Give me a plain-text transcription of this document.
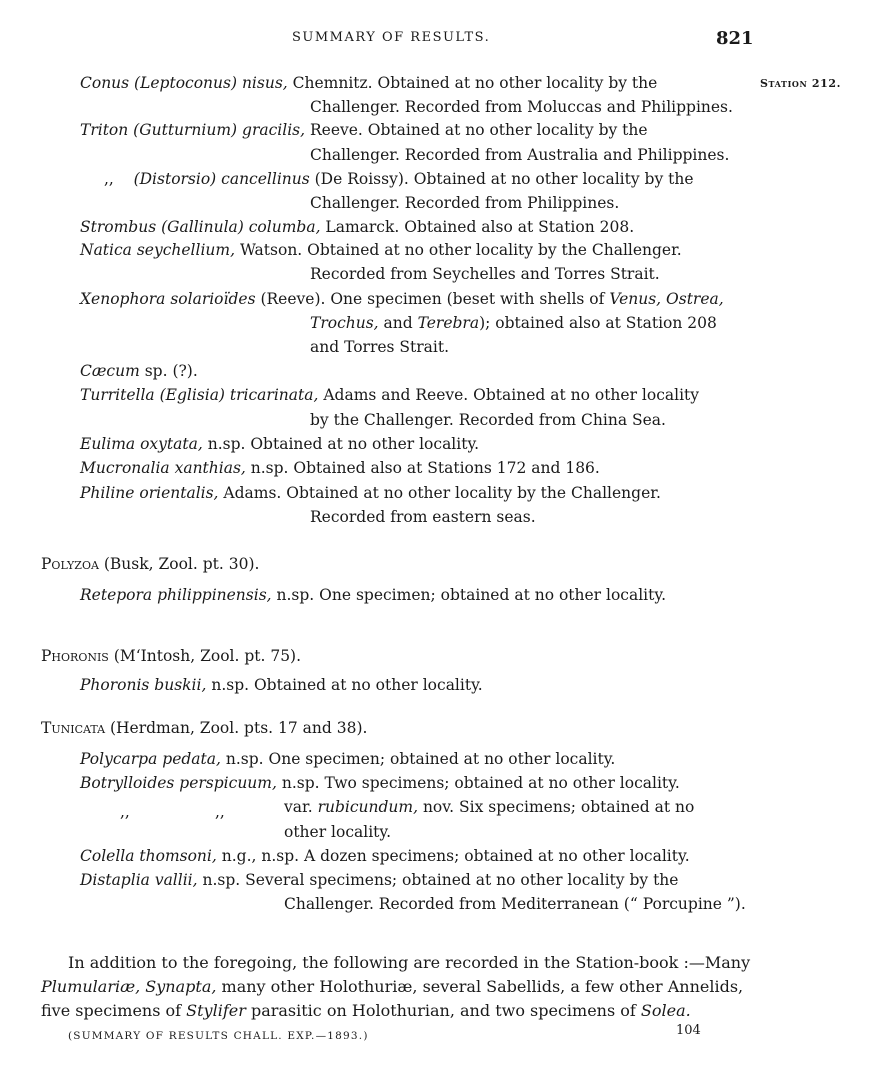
SUMMARY OF RESULTS.	821
Station 212.
Conus (Leptoconus) nisus, Chemnitz. Obtained at no other locality by the
Challenger. Recorded from Moluccas and Philippines.
Triton (Gutturnium) gracilis, Reeve. Obtained at no other locality by the
Challenger. Recorded from Australia and Philippines.
,, (Distorsio) cancellinus (De Roissy). Obtained at no other locality by the
Challenger. Recorded from Philippines.
Strombus (Gallinula) columba, Lamarck. Obtained also at Station 208.
Natica seychellium, Watson. Obtained at no other locality by the Challenger.
Recorded from Seychelles and Torres Strait.
Xenophora solarioïdes (Reeve). One specimen (beset with shells of Venus, Ostrea,
Trochus, and Terebra); obtained also at Station 208
and Torres Strait.
Cæcum sp. (?).
Turritella (Eglisia) tricarinata, Adams and Reeve. Obtained at no other locality
by the Challenger. Recorded from China Sea.
Eulima oxytata, n.sp. Obtained at no other locality.
Mucronalia xanthias, n.sp. Obtained also at Stations 172 and 186.
Philine orientalis, Adams. Obtained at no other locality by the Challenger.
Recorded from eastern seas.
Polyzoa (Busk, Zool. pt. 30).
Retepora philippinensis, n.sp. One specimen; obtained at no other locality.
Phoronis (M‘Intosh, Zool. pt. 75).
Phoronis buskii, n.sp. Obtained at no other locality.
Tunicata (Herdman, Zool. pts. 17 and 38).
Polycarpa pedata, n.sp. One specimen; obtained at no other locality.
Botrylloides perspicuum, n.sp. Two specimens; obtained at no other locality.
,,	,,	var. rubicundum, nov. Six specimens; obtained at no
other locality.
Colella thomsoni, n.g., n.sp. A dozen specimens; obtained at no other locality.
Distaplia vallii, n.sp. Several specimens; obtained at no other locality by the
Challenger. Recorded from Mediterranean (“ Porcupine ”).
In addition to the foregoing, the following are recorded in the Station-book :—Many
Plumulariæ, Synapta, many other Holothuriæ, several Sabellids, a few other Annelids,
five specimens of Stylifer parasitic on Holothurian, and two specimens of Solea.
(SUMMARY OF RESULTS CHALL. EXP.—1893.)	104
